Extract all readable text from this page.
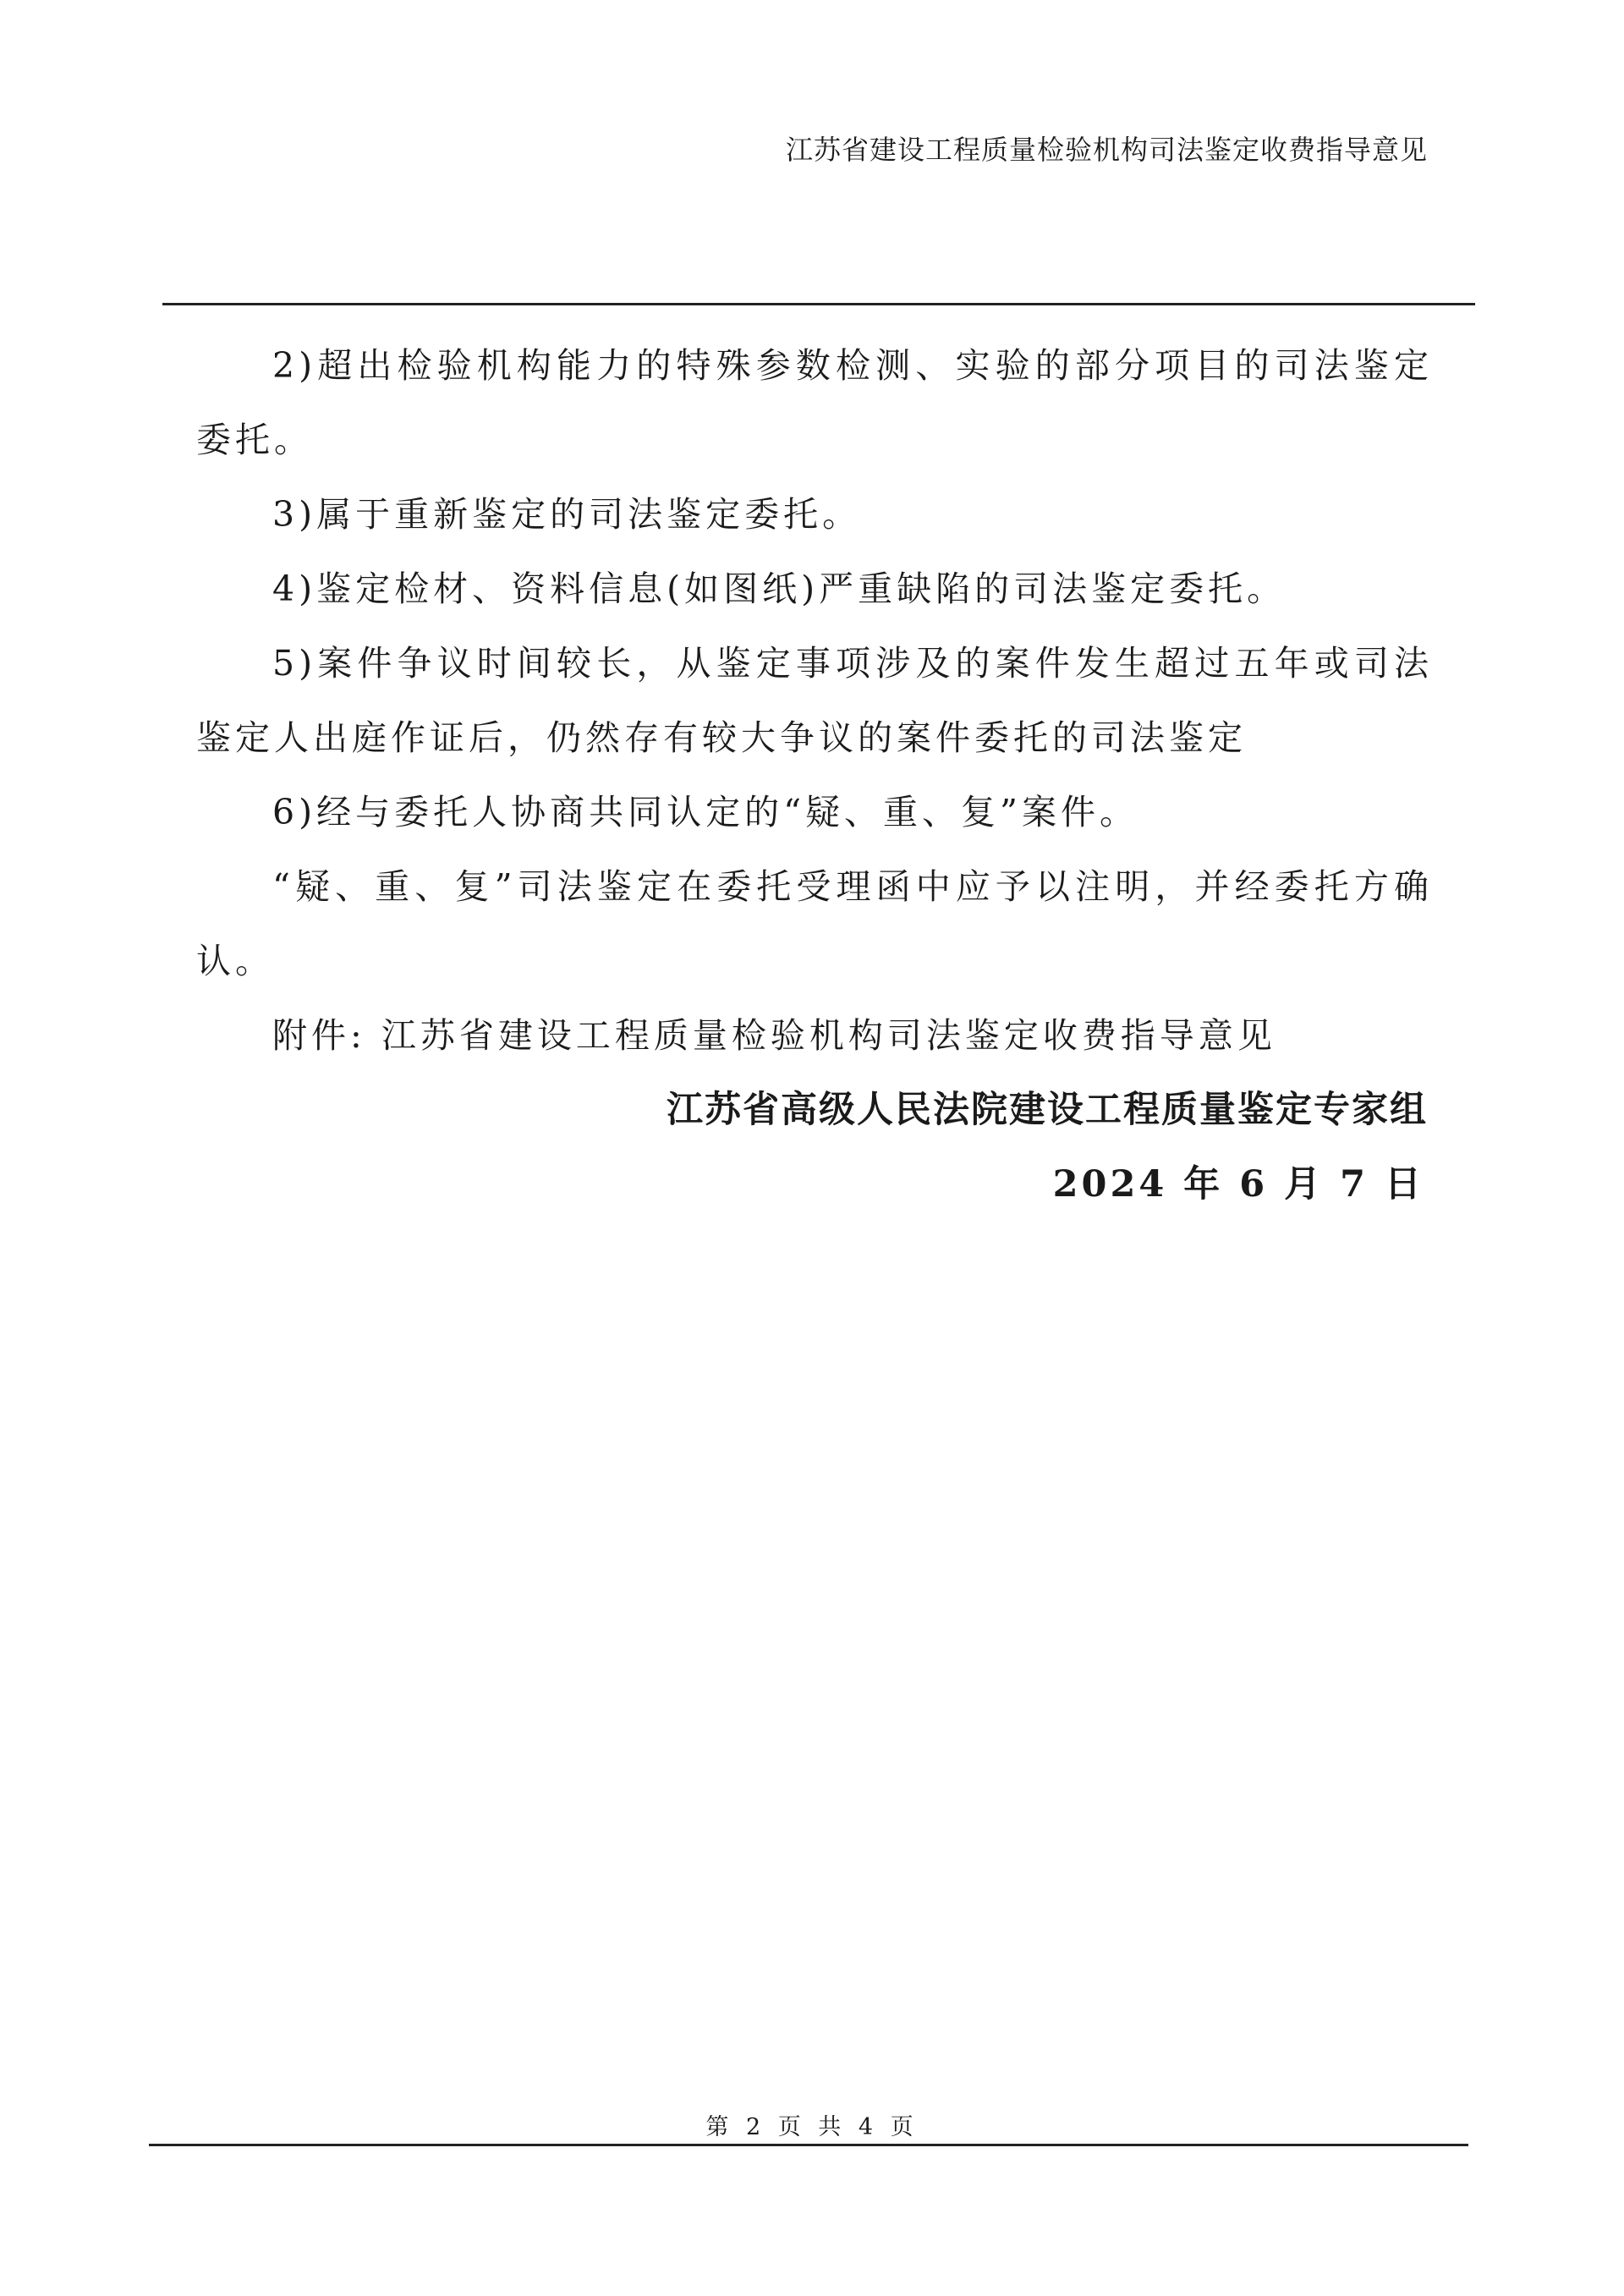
江苏省建设工程质量检验机构司法鉴定收费指导意见

2)超出检验机构能力的特殊参数检测、实验的部分项目的司法鉴定委托。

3)属于重新鉴定的司法鉴定委托。

4)鉴定检材、资料信息(如图纸)严重缺陷的司法鉴定委托。

5)案件争议时间较长，从鉴定事项涉及的案件发生超过五年或司法鉴定人出庭作证后，仍然存有较大争议的案件委托的司法鉴定

6)经与委托人协商共同认定的“疑、重、复”案件。

“疑、重、复”司法鉴定在委托受理函中应予以注明，并经委托方确认。

附件: 江苏省建设工程质量检验机构司法鉴定收费指导意见

江苏省高级人民法院建设工程质量鉴定专家组

2024 年 6 月 7 日

第 2 页 共 4 页
